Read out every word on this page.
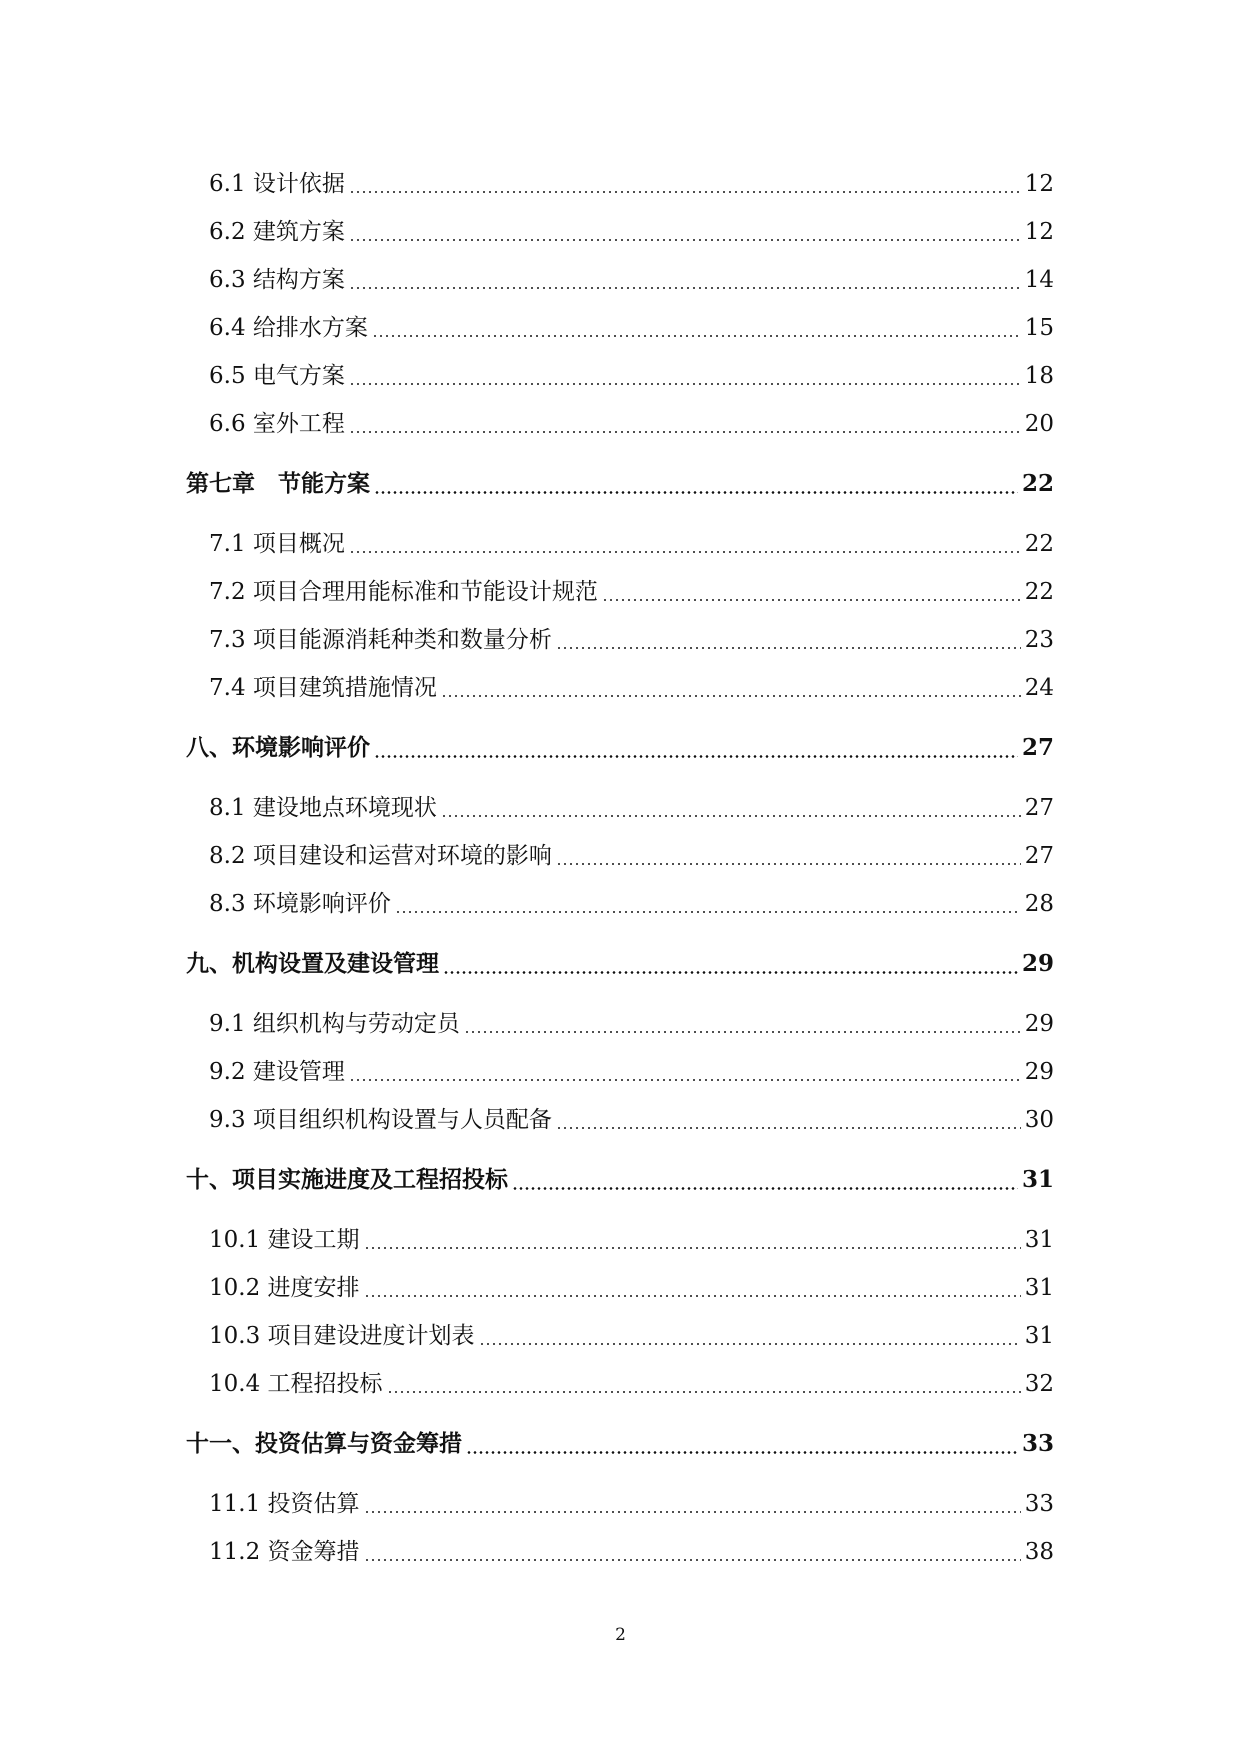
6.1 设计依据	12
6.2 建筑方案	12
6.3 结构方案	14
6.4 给排水方案	15
6.5 电气方案	18
6.6 室外工程	20
第七章　节能方案	22
7.1 项目概况	22
7.2 项目合理用能标准和节能设计规范	22
7.3 项目能源消耗种类和数量分析	23
7.4 项目建筑措施情况	24
八、环境影响评价	27
8.1 建设地点环境现状	27
8.2 项目建设和运营对环境的影响	27
8.3 环境影响评价	28
九、机构设置及建设管理	29
9.1 组织机构与劳动定员	29
9.2 建设管理	29
9.3 项目组织机构设置与人员配备	30
十、项目实施进度及工程招投标	31
10.1 建设工期	31
10.2 进度安排	31
10.3 项目建设进度计划表	31
10.4 工程招投标	32
十一、投资估算与资金筹措	33
11.1 投资估算	33
11.2 资金筹措	38
2
